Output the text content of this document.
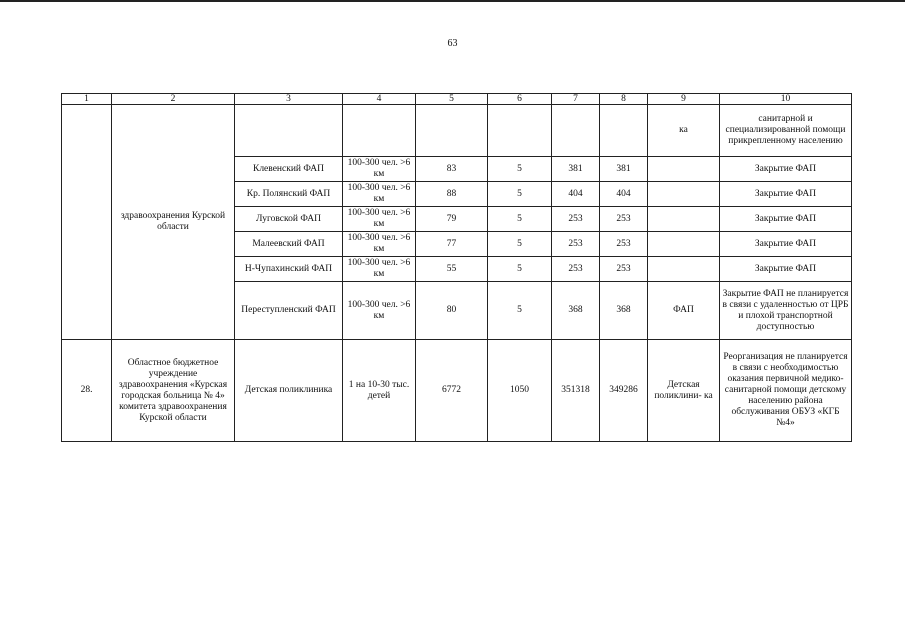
63
1	2	3	4	5	6	7	8	9	10
	здравоохранения Курской области							ка	санитарной и специализированной помощи прикрепленному населению
		Клевенский ФАП	100-300 чел. >6 км	83	5	381	381		Закрытие ФАП
		Кр. Полянский ФАП	100-300 чел. >6 км	88	5	404	404		Закрытие ФАП
		Луговской ФАП	100-300 чел. >6 км	79	5	253	253		Закрытие ФАП
		Малеевский ФАП	100-300 чел. >6 км	77	5	253	253		Закрытие ФАП
		Н-Чупахинский ФАП	100-300 чел. >6 км	55	5	253	253		Закрытие ФАП
		Переступленский ФАП	100-300 чел. >6 км	80	5	368	368	ФАП	Закрытие ФАП не планируется в связи с удаленностью от ЦРБ и плохой транспортной доступностью
28.	Областное бюджетное учреждение здравоохранения «Курская городская больница № 4» комитета здравоохранения Курской области	Детская поликлиника	1 на 10-30 тыс. детей	6772	1050	351318	349286	Детская поликлини- ка	Реорганизация не планируется в связи с необходимостью оказания первичной медико-санитарной помощи детскому населению района обслуживания ОБУЗ «КГБ №4»
